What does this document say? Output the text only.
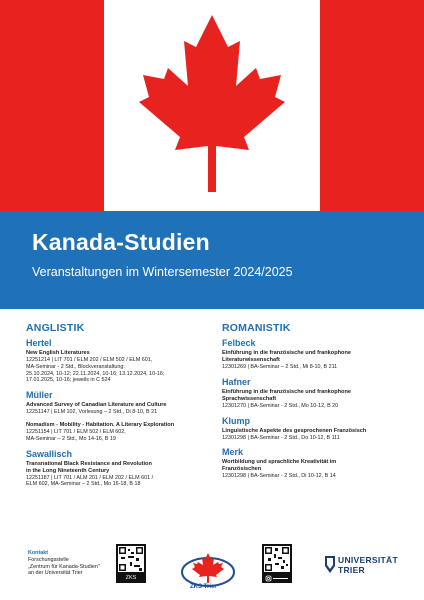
Kanada-Studien
Veranstaltungen im Wintersemester 2024/2025
ANGLISTIK
Hertel
New English Literatures
12251214 | LIT 701 / ELM 202 / ELM 502 / ELM 601,
MA-Seminar - 2 Std., Blockveranstaltung:
25.10.2024, 10-12; 22.11.2024, 10-16; 13.12.2024, 10-16;
17.01.2025, 10-16; jeweils in C 524
Müller
Advanced Survey of Canadian Literature and Culture
12251147 | ELM 102, Vorlesung – 2 Std., Di 8-10, B 21
Nomadism - Mobility - Habitation. A Literary Exploration
12251154 | LIT 701 / ELM 502 / ELM 602,
MA-Seminar – 2 Std., Mo 14-16, B 19
Sawallisch
Transnational Black Resistance and Revolution
in the Long Nineteenth Century
12251187 | LIT 701 / ALM 201 / ELM 202 / ELM 601 /
ELM 602, MA-Seminar – 2 Std., Mo 16-18, B 18
ROMANISTIK
Felbeck
Einführung in die französische und frankophone
Literaturwissenschaft
12301269 | BA-Seminar – 2 Std., Mi 8-10, B 211
Hafner
Einführung in die französische und frankophone
Sprachwissenschaft
12301270 | BA-Seminar - 2 Std., Mo 10-12, B 20
Klump
Linguistische Aspekte des gesprochenen Französisch
12301298 | BA-Seminar - 2 Std., Do 10-12, B 111
Merk
Wortbildung und sprachliche Kreativität im
Französischen
12301298 | BA-Seminar - 2 Std., Di 10-12, B 14
Kontakt
Forschungsstelle
„Zentrum für Kanada-Studien"
an der Universität Trier
ZKS
ZKS Trier
UNIVERSITÄT
TRIER
